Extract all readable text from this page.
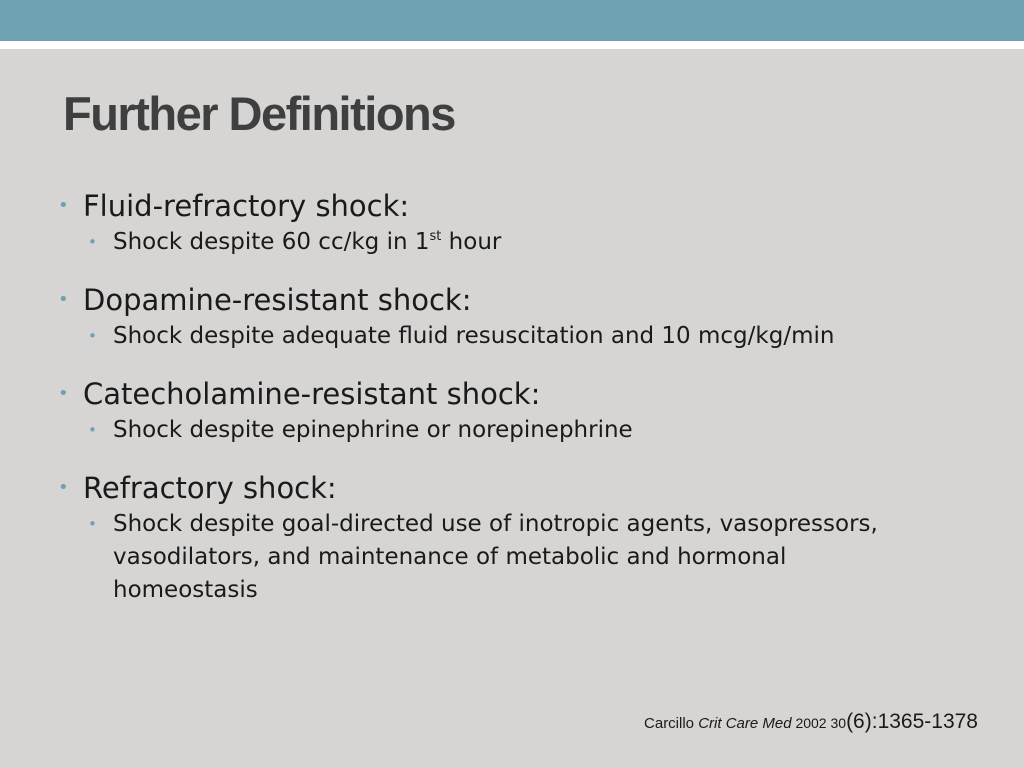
Further Definitions
• Fluid-refractory shock:
• Shock despite 60 cc/kg in 1st hour
• Dopamine-resistant shock:
• Shock despite adequate fluid resuscitation and 10 mcg/kg/min
• Catecholamine-resistant shock:
• Shock despite epinephrine or norepinephrine
• Refractory shock:
• Shock despite goal-directed use of inotropic agents, vasopressors, vasodilators, and maintenance of metabolic and hormonal homeostasis
Carcillo Crit Care Med 2002 30(6):1365-1378
